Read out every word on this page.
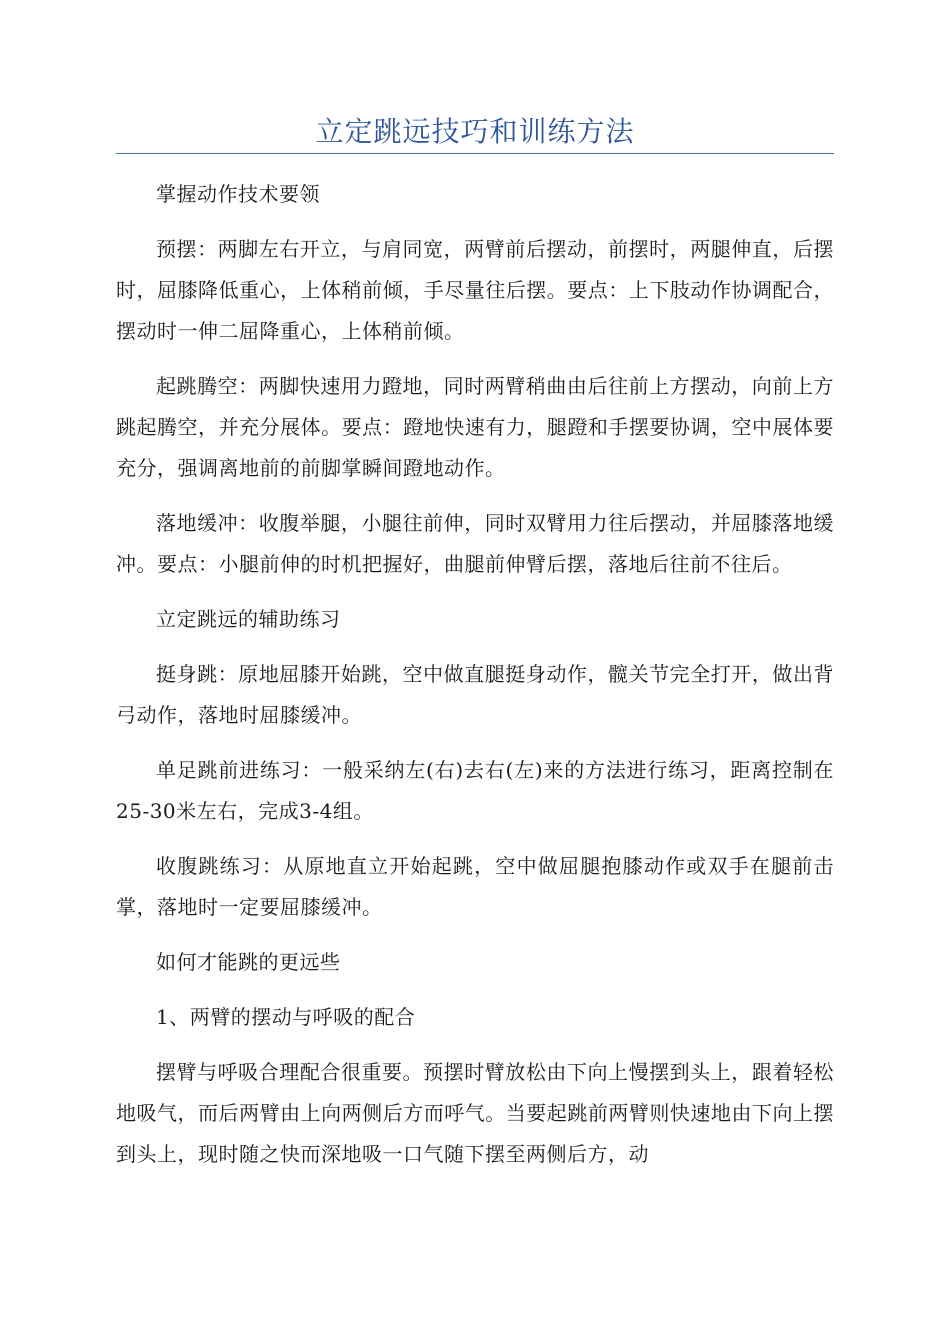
立定跳远技巧和训练方法

掌握动作技术要领

预摆：两脚左右开立，与肩同宽，两臂前后摆动，前摆时，两腿伸直，后摆时，屈膝降低重心，上体稍前倾，手尽量往后摆。要点：上下肢动作协调配合，摆动时一伸二屈降重心，上体稍前倾。

起跳腾空：两脚快速用力蹬地，同时两臂稍曲由后往前上方摆动，向前上方跳起腾空，并充分展体。要点：蹬地快速有力，腿蹬和手摆要协调，空中展体要充分，强调离地前的前脚掌瞬间蹬地动作。

落地缓冲：收腹举腿，小腿往前伸，同时双臂用力往后摆动，并屈膝落地缓冲。要点：小腿前伸的时机把握好，曲腿前伸臂后摆，落地后往前不往后。

立定跳远的辅助练习

挺身跳：原地屈膝开始跳，空中做直腿挺身动作，髋关节完全打开，做出背弓动作，落地时屈膝缓冲。

单足跳前进练习：一般采纳左(右)去右(左)来的方法进行练习，距离控制在25-30米左右，完成3-4组。

收腹跳练习：从原地直立开始起跳，空中做屈腿抱膝动作或双手在腿前击掌，落地时一定要屈膝缓冲。

如何才能跳的更远些

1、两臂的摆动与呼吸的配合

摆臂与呼吸合理配合很重要。预摆时臂放松由下向上慢摆到头上，跟着轻松地吸气，而后两臂由上向两侧后方而呼气。当要起跳前两臂则快速地由下向上摆到头上，现时随之快而深地吸一口气随下摆至两侧后方，动
